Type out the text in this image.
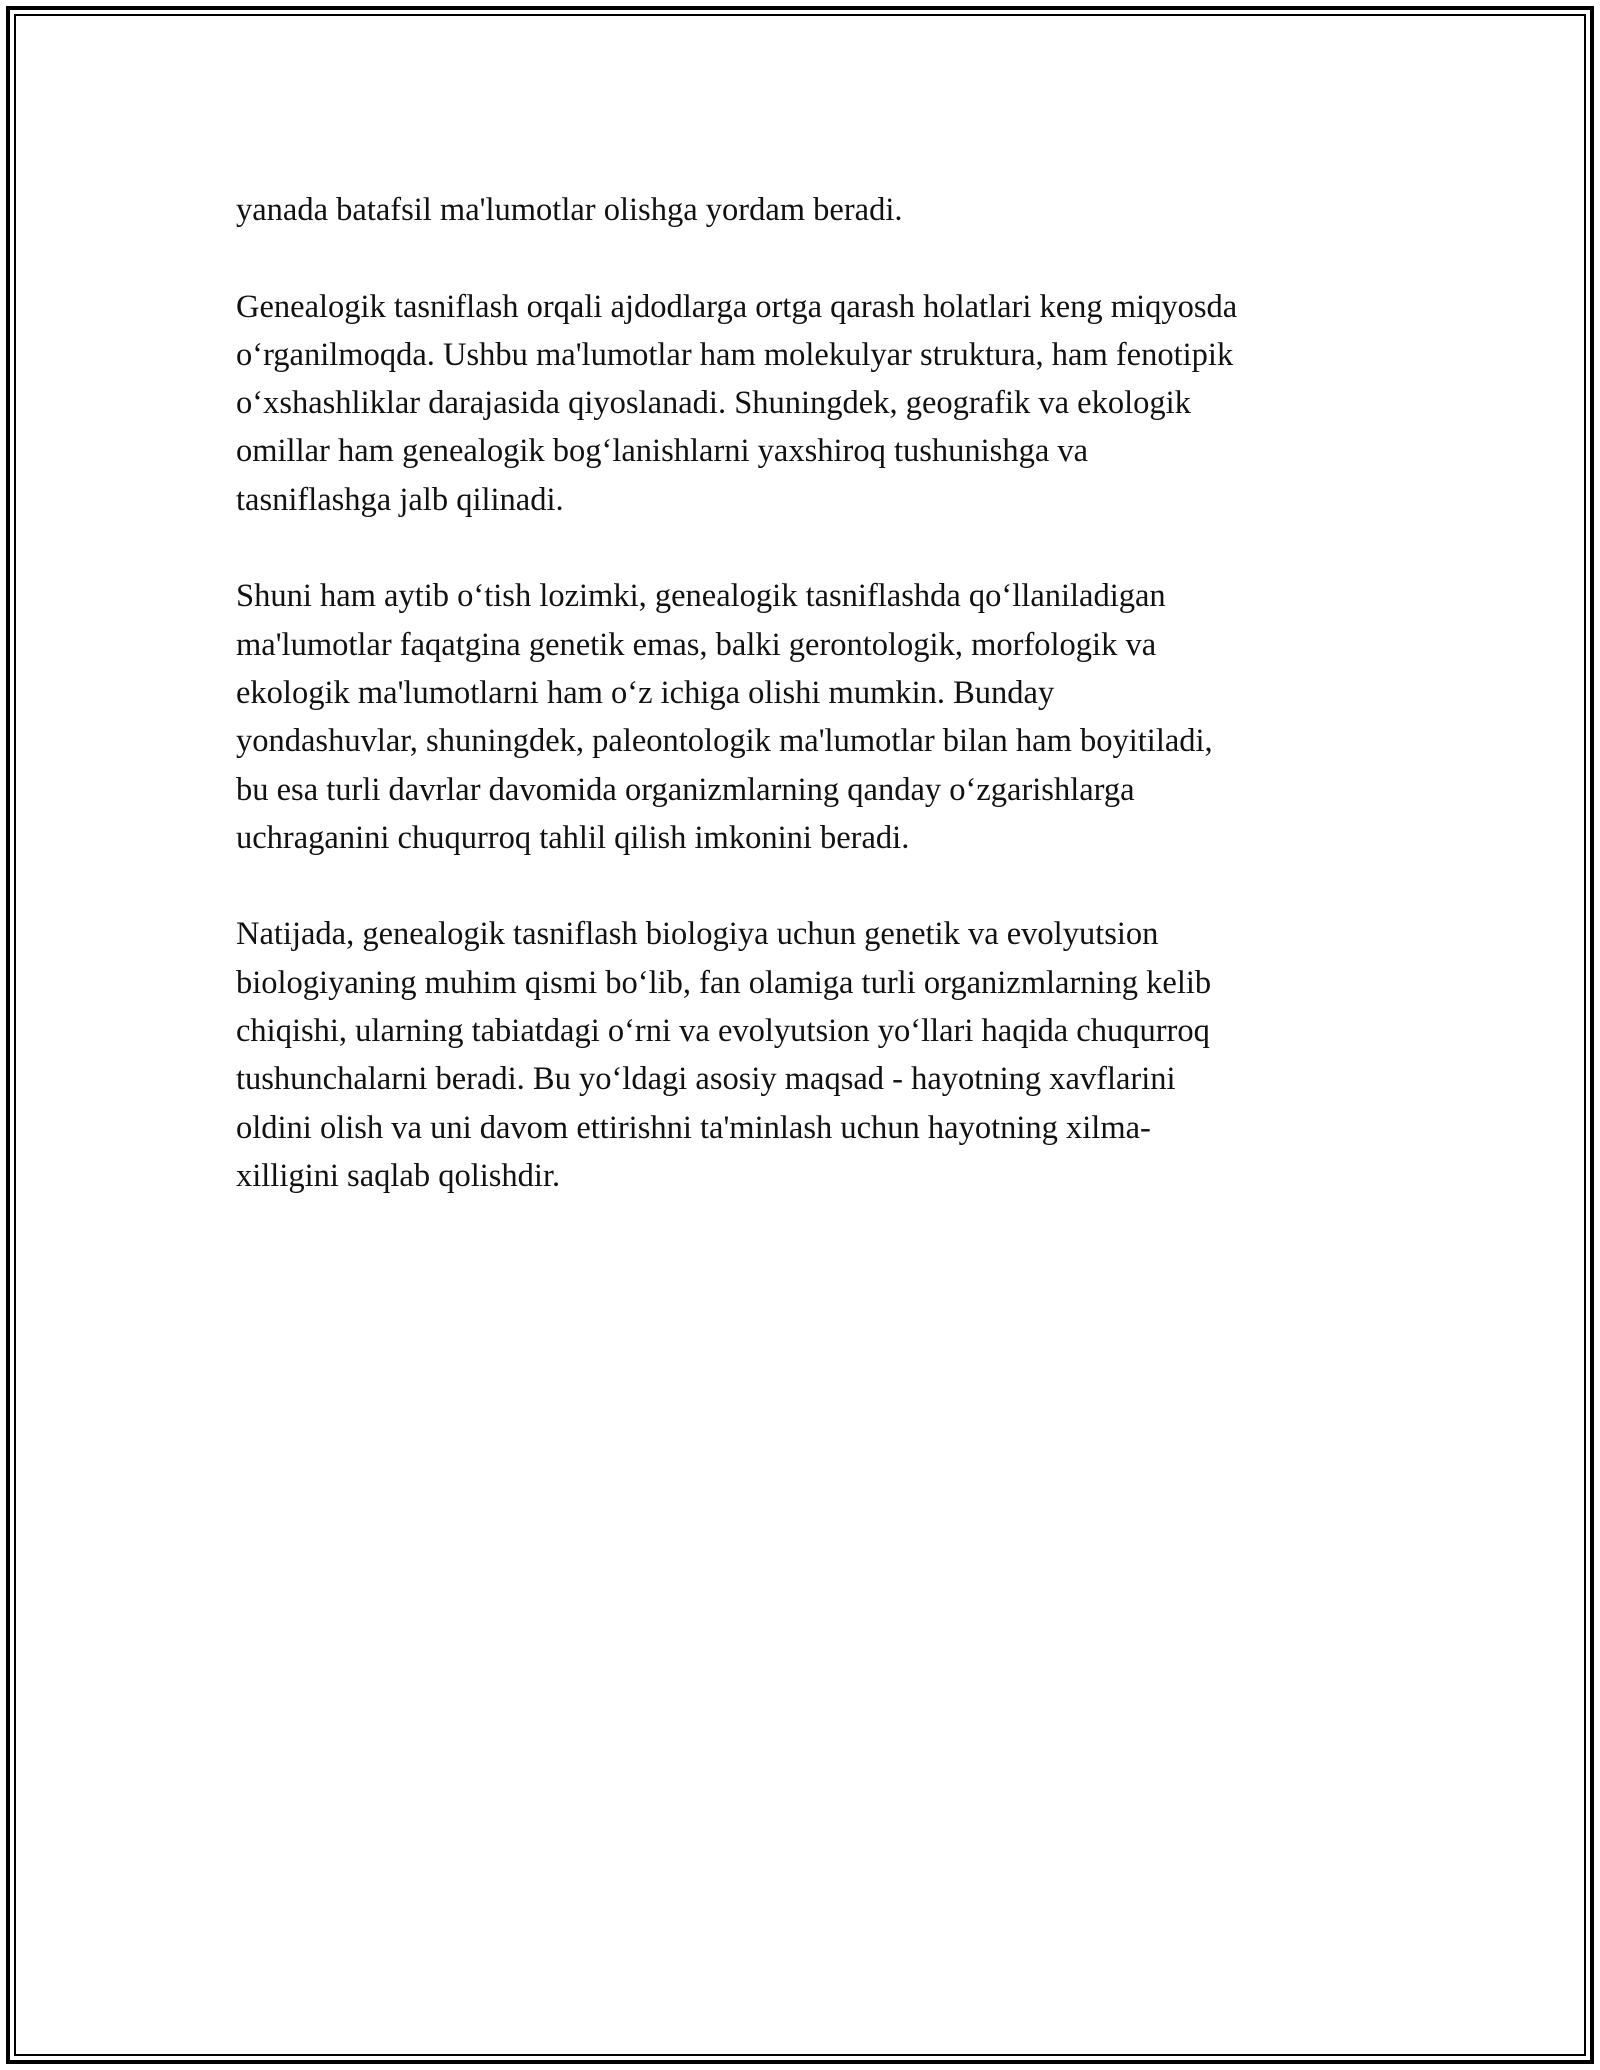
yanada batafsil ma'lumotlar olishga yordam beradi.

Genealogik tasniflash orqali ajdodlarga ortga qarash holatlari keng miqyosda
o‘rganilmoqda. Ushbu ma'lumotlar ham molekulyar struktura, ham fenotipik
o‘xshashliklar darajasida qiyoslanadi. Shuningdek, geografik va ekologik
omillar ham genealogik bog‘lanishlarni yaxshiroq tushunishga va
tasniflashga jalb qilinadi.

Shuni ham aytib o‘tish lozimki, genealogik tasniflashda qo‘llaniladigan
ma'lumotlar faqatgina genetik emas, balki gerontologik, morfologik va
ekologik ma'lumotlarni ham o‘z ichiga olishi mumkin. Bunday
yondashuvlar, shuningdek, paleontologik ma'lumotlar bilan ham boyitiladi,
bu esa turli davrlar davomida organizmlarning qanday o‘zgarishlarga
uchraganini chuqurroq tahlil qilish imkonini beradi.

Natijada, genealogik tasniflash biologiya uchun genetik va evolyutsion
biologiyaning muhim qismi bo‘lib, fan olamiga turli organizmlarning kelib
chiqishi, ularning tabiatdagi o‘rni va evolyutsion yo‘llari haqida chuqurroq
tushunchalarni beradi. Bu yo‘ldagi asosiy maqsad - hayotning xavflarini
oldini olish va uni davom ettirishni ta'minlash uchun hayotning xilma-
xilligini saqlab qolishdir.
